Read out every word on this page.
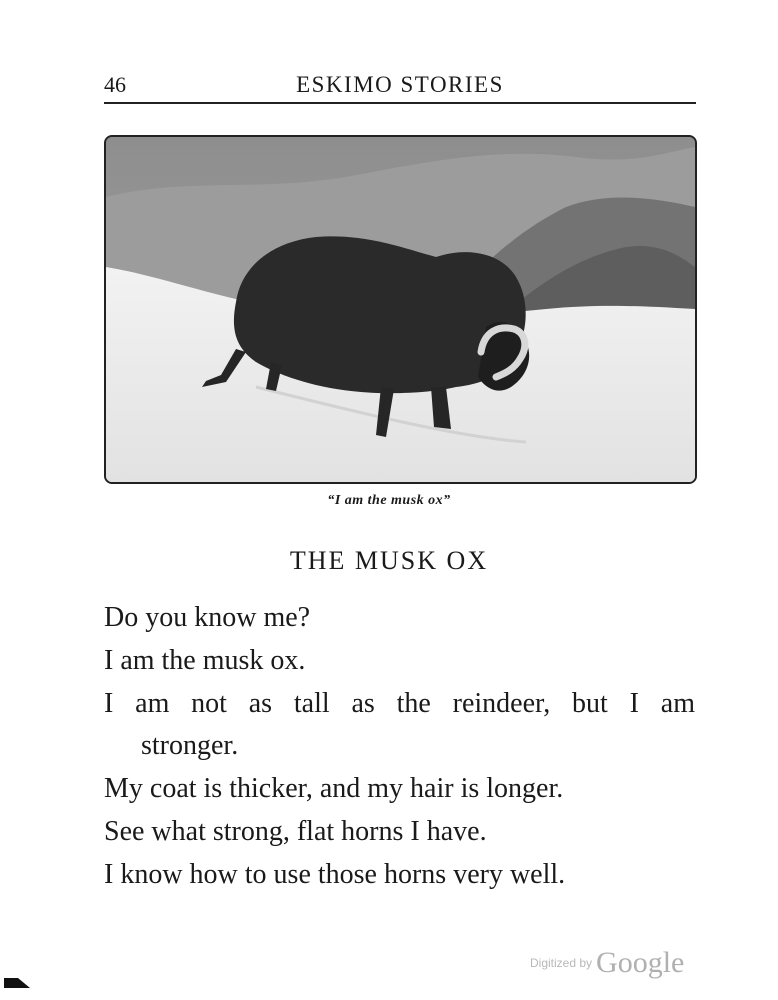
46	ESKIMO STORIES
“I am the musk ox”
THE MUSK OX
Do you know me?
I am the musk ox.
I am not as tall as the reindeer, but I am
stronger.
My coat is thicker, and my hair is longer.
See what strong, flat horns I have.
I know how to use those horns very well.
Digitized by Google
